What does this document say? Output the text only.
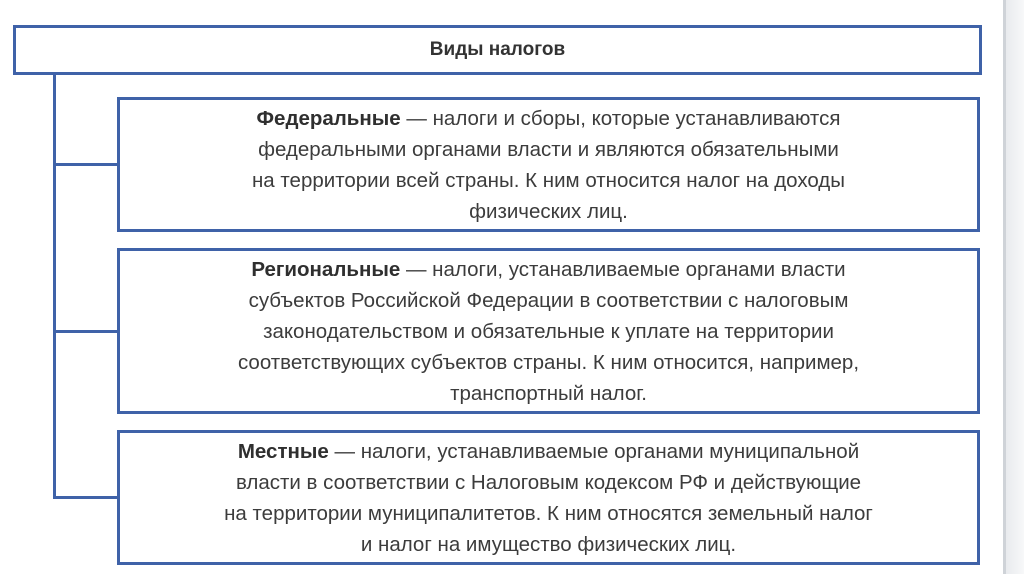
Виды налогов

Федеральные — налоги и сборы, которые устанавливаются
федеральными органами власти и являются обязательными
на территории всей страны. К ним относится налог на доходы
физических лиц.

Региональные — налоги, устанавливаемые органами власти
субъектов Российской Федерации в соответствии с налоговым
законодательством и обязательные к уплате на территории
соответствующих субъектов страны. К ним относится, например,
транспортный налог.

Местные — налоги, устанавливаемые органами муниципальной
власти в соответствии с Налоговым кодексом РФ и действующие
на территории муниципалитетов. К ним относятся земельный налог
и налог на имущество физических лиц.
